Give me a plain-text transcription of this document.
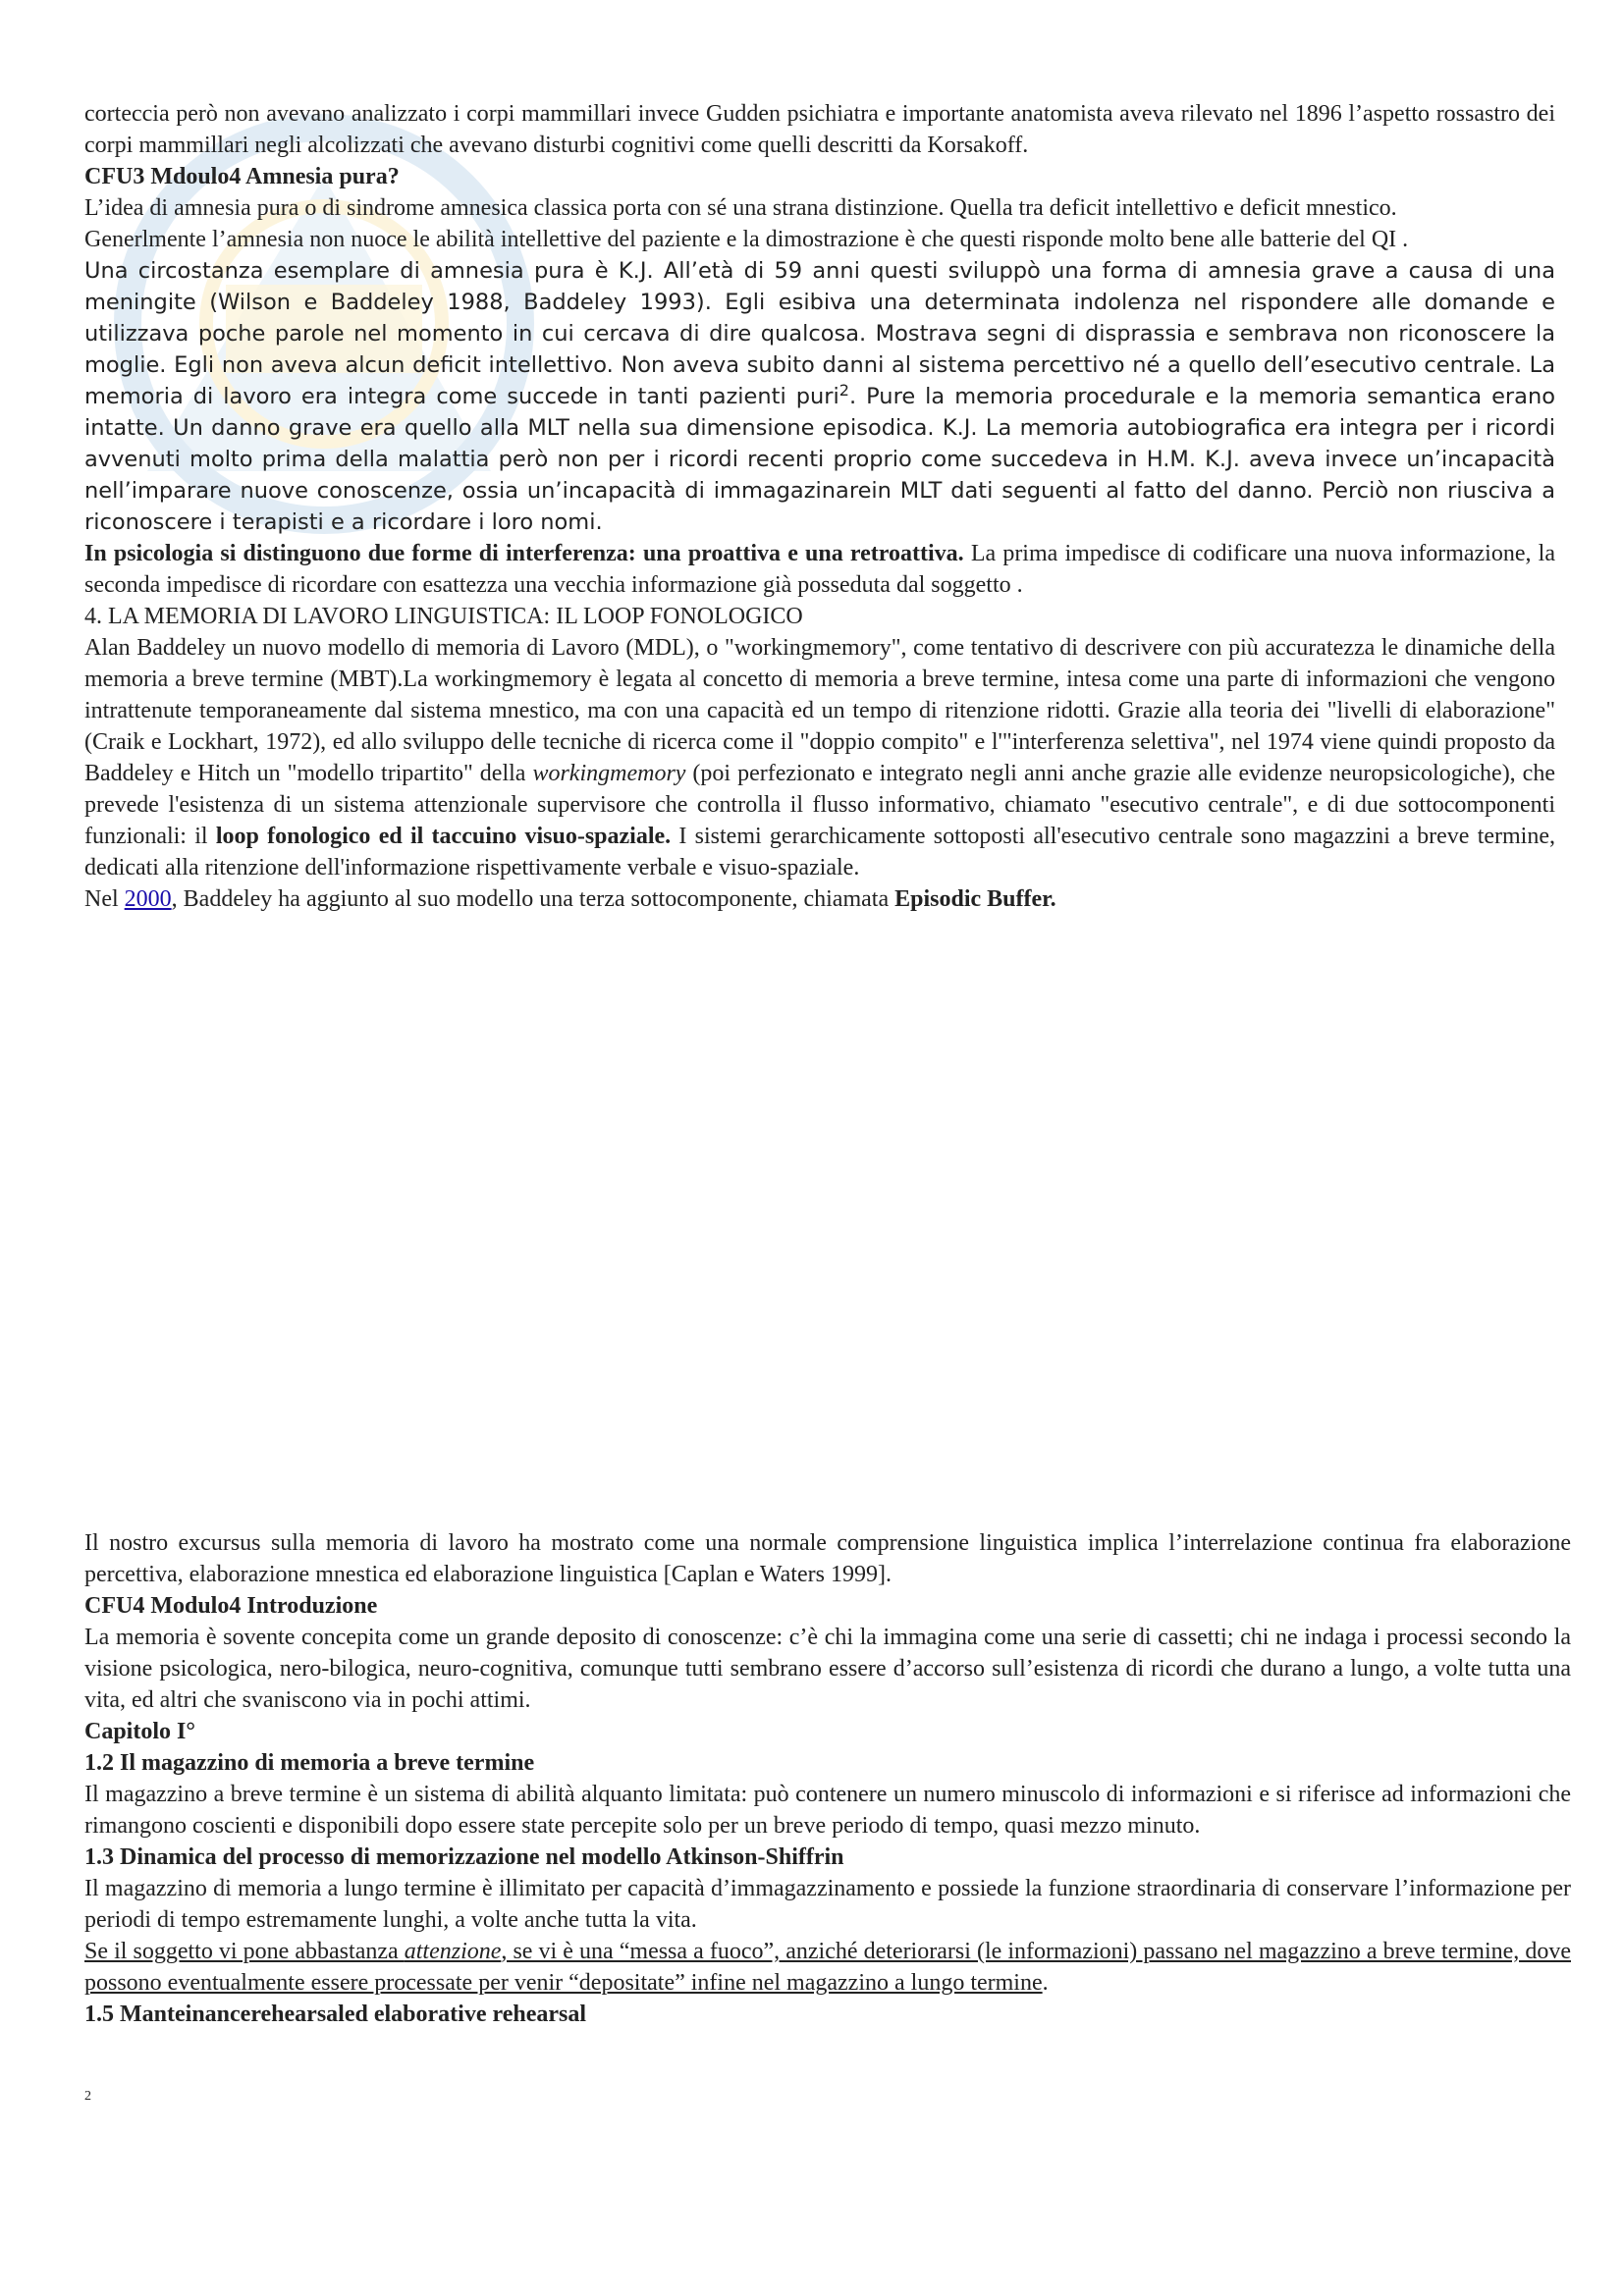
corteccia però non avevano analizzato i corpi mammillari invece Gudden psichiatra e importante anatomista aveva rilevato nel 1896 l’aspetto rossastro dei corpi mammillari negli alcolizzati che avevano disturbi cognitivi come quelli descritti da Korsakoff.

CFU3 Mdoulo4 Amnesia pura?

L’idea di amnesia pura o di sindrome amnesica classica porta con sé una strana distinzione. Quella tra deficit intellettivo e deficit mnestico.

Generlmente l’amnesia non nuoce le abilità intellettive del paziente e la dimostrazione è che questi risponde molto bene alle batterie del QI .

Una circostanza esemplare di amnesia pura è K.J. All’età di 59 anni questi sviluppò una forma di amnesia grave a causa di una meningite (Wilson e Baddeley 1988, Baddeley 1993). Egli esibiva una determinata indolenza nel rispondere alle domande e utilizzava poche parole nel momento in cui cercava di dire qualcosa. Mostrava segni di disprassia e sembrava non riconoscere la moglie. Egli non aveva alcun deficit intellettivo. Non aveva subito danni al sistema percettivo né a quello dell’esecutivo centrale. La memoria di lavoro era integra come succede in tanti pazienti puri$^2$. Pure la memoria procedurale e la memoria semantica erano intatte. Un danno grave era quello alla MLT nella sua dimensione episodica. K.J. La memoria autobiografica era integra per i ricordi avvenuti molto prima della malattia però non per i ricordi recenti proprio come succedeva in H.M. K.J. aveva invece un’incapacità nell’imparare nuove conoscenze, ossia un’incapacità di immagazinarein MLT dati seguenti al fatto del danno. Perciò non riusciva a riconoscere i terapisti e a ricordare i loro nomi.

In psicologia si distinguono due forme di interferenza: una proattiva e una retroattiva. La prima impedisce di codificare una nuova informazione, la seconda impedisce di ricordare con esattezza una vecchia informazione già posseduta dal soggetto .

4. LA MEMORIA DI LAVORO LINGUISTICA: IL LOOP FONOLOGICO

Alan Baddeley un nuovo modello di memoria di Lavoro (MDL), o "workingmemory", come tentativo di descrivere con più accuratezza le dinamiche della memoria a breve termine (MBT).La workingmemory è legata al concetto di memoria a breve termine, intesa come una parte di informazioni che vengono intrattenute temporaneamente dal sistema mnestico, ma con una capacità ed un tempo di ritenzione ridotti. Grazie alla teoria dei "livelli di elaborazione" (Craik e Lockhart, 1972), ed allo sviluppo delle tecniche di ricerca come il "doppio compito" e l'"interferenza selettiva", nel 1974 viene quindi proposto da Baddeley e Hitch un "modello tripartito" della workingmemory (poi perfezionato e integrato negli anni anche grazie alle evidenze neuropsicologiche), che prevede l'esistenza di un sistema attenzionale supervisore che controlla il flusso informativo, chiamato "esecutivo centrale", e di due sottocomponenti funzionali: il loop fonologico ed il taccuino visuo-spaziale. I sistemi gerarchicamente sottoposti all'esecutivo centrale sono magazzini a breve termine, dedicati alla ritenzione dell'informazione rispettivamente verbale e visuo-spaziale.

Nel 2000, Baddeley ha aggiunto al suo modello una terza sottocomponente, chiamata Episodic Buffer.

Il nostro excursus sulla memoria di lavoro ha mostrato come una normale comprensione linguistica implica l’interrelazione continua fra elaborazione percettiva, elaborazione mnestica ed elaborazione linguistica [Caplan e Waters 1999].

CFU4 Modulo4 Introduzione

La memoria è sovente concepita come un grande deposito di conoscenze: c’è chi la immagina come una serie di cassetti; chi ne indaga i processi secondo la visione psicologica, nero-bilogica, neuro-cognitiva, comunque tutti sembrano essere d’accorso sull’esistenza di ricordi che durano a lungo, a volte tutta una vita, ed altri che svaniscono via in pochi attimi.

Capitolo I°

1.2 Il magazzino di memoria a breve termine

Il magazzino a breve termine è un sistema di abilità alquanto limitata: può contenere un numero minuscolo di informazioni e si riferisce ad informazioni che rimangono coscienti e disponibili dopo essere state percepite solo per un breve periodo di tempo, quasi mezzo minuto.

1.3 Dinamica del processo di memorizzazione nel modello Atkinson-Shiffrin

Il magazzino di memoria a lungo termine è illimitato per capacità d’immagazzinamento e possiede la funzione straordinaria di conservare l’informazione per periodi di tempo estremamente lunghi, a volte anche tutta la vita.

Se il soggetto vi pone abbastanza attenzione, se vi è una “messa a fuoco”, anziché deteriorarsi (le informazioni) passano nel magazzino a breve termine, dove possono eventualmente essere processate per venir “depositate” infine nel magazzino a lungo termine.

1.5 Manteinancerehearsaled elaborative rehearsal

2
